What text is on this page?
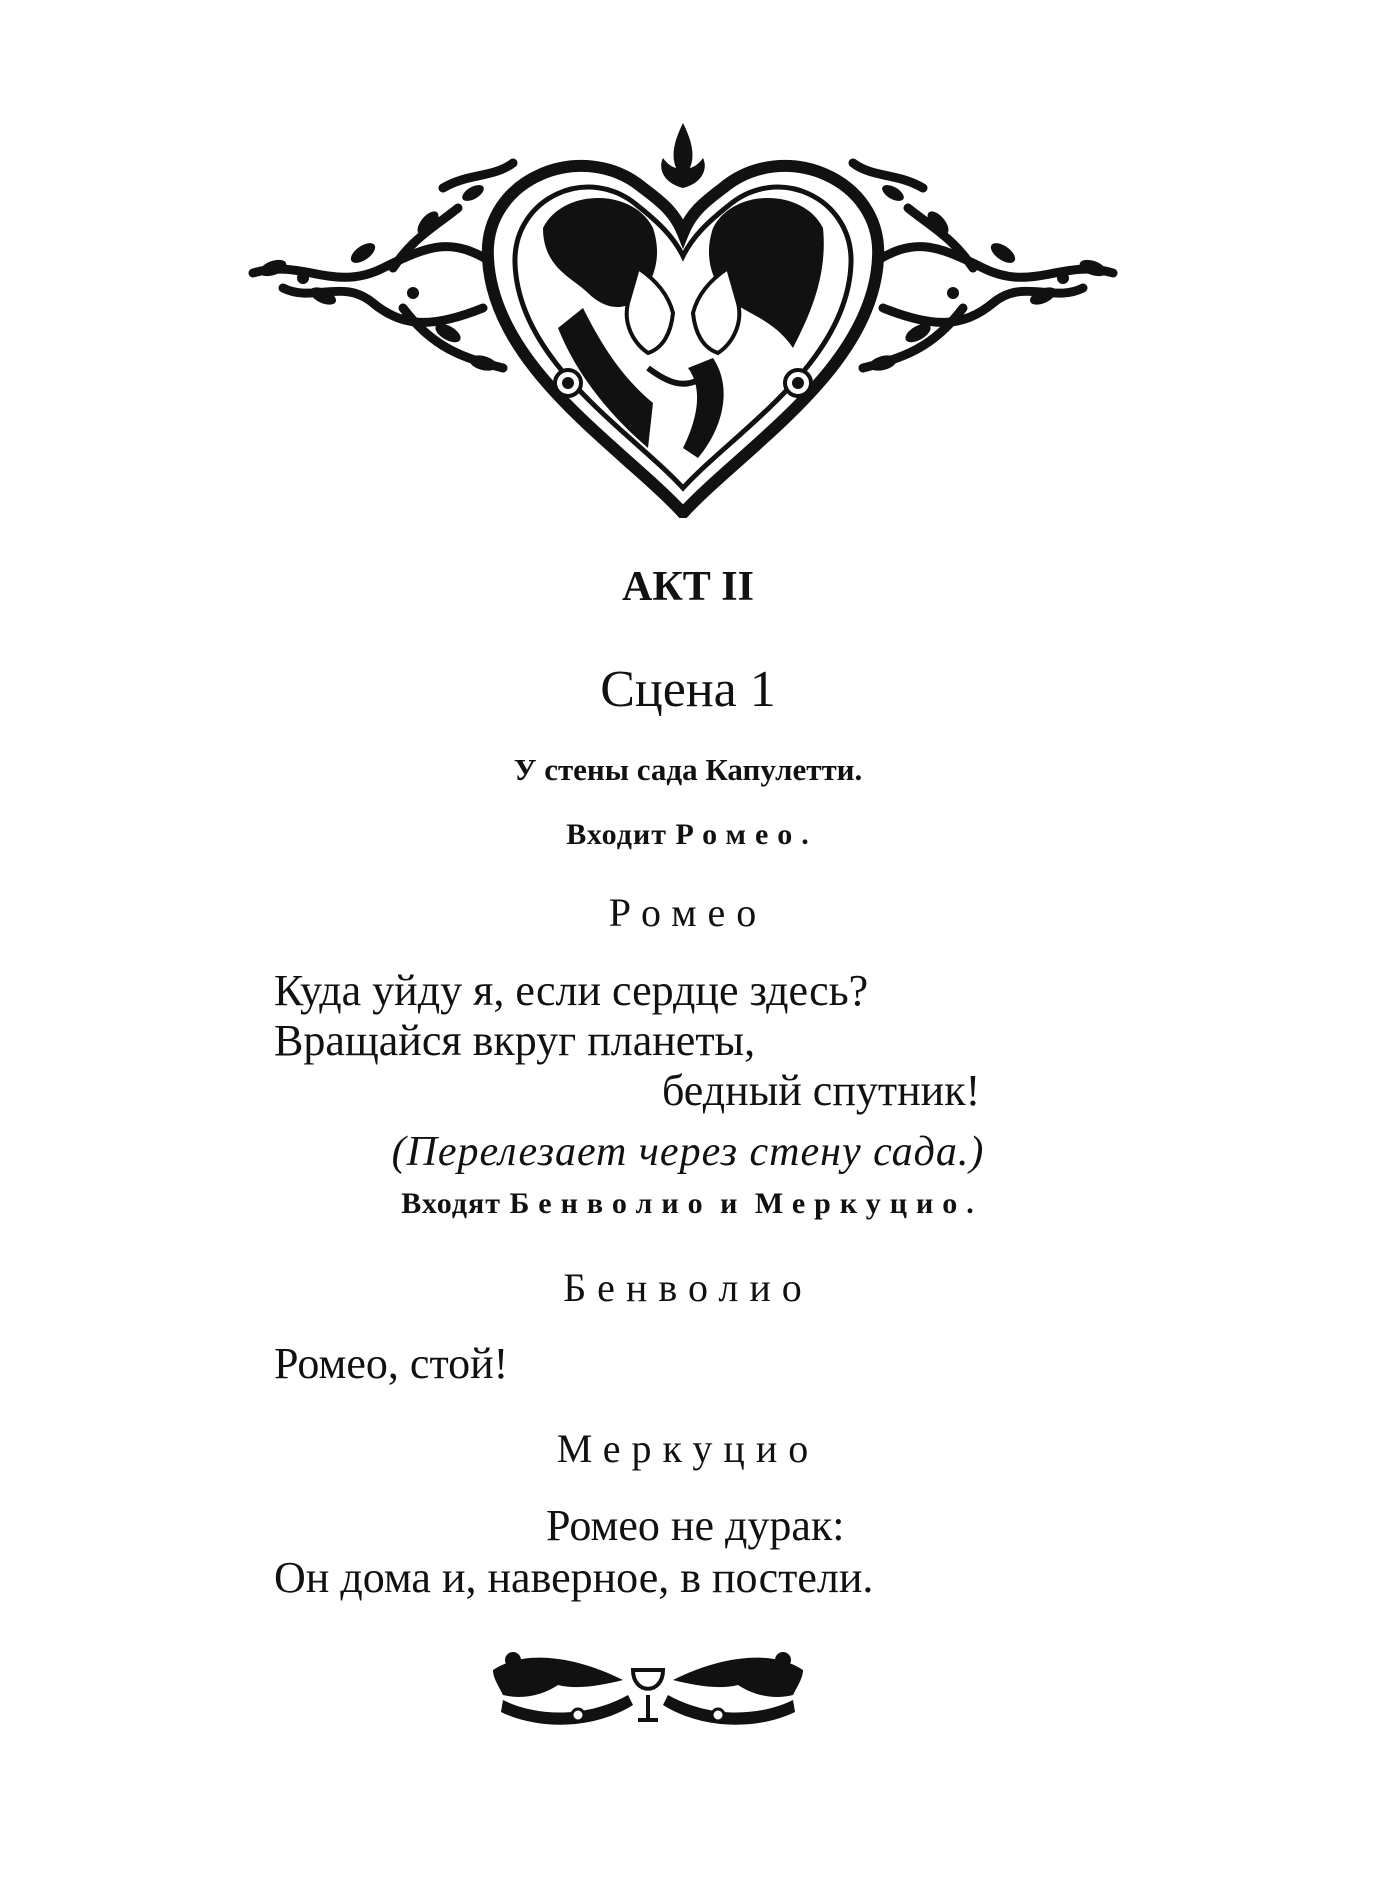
АКТ II
Сцена 1
У стены сада Капулетти.
Входит Ромео.
Ромео
Куда уйду я, если сердце здесь?
Вращайся вкруг планеты,
бедный спутник!
(Перелезает через стену сада.)
Входят Бенволио и Меркуцио.
Бенволио
Ромео, стой!
Меркуцио
Ромео не дурак:
Он дома и, наверное, в постели.
